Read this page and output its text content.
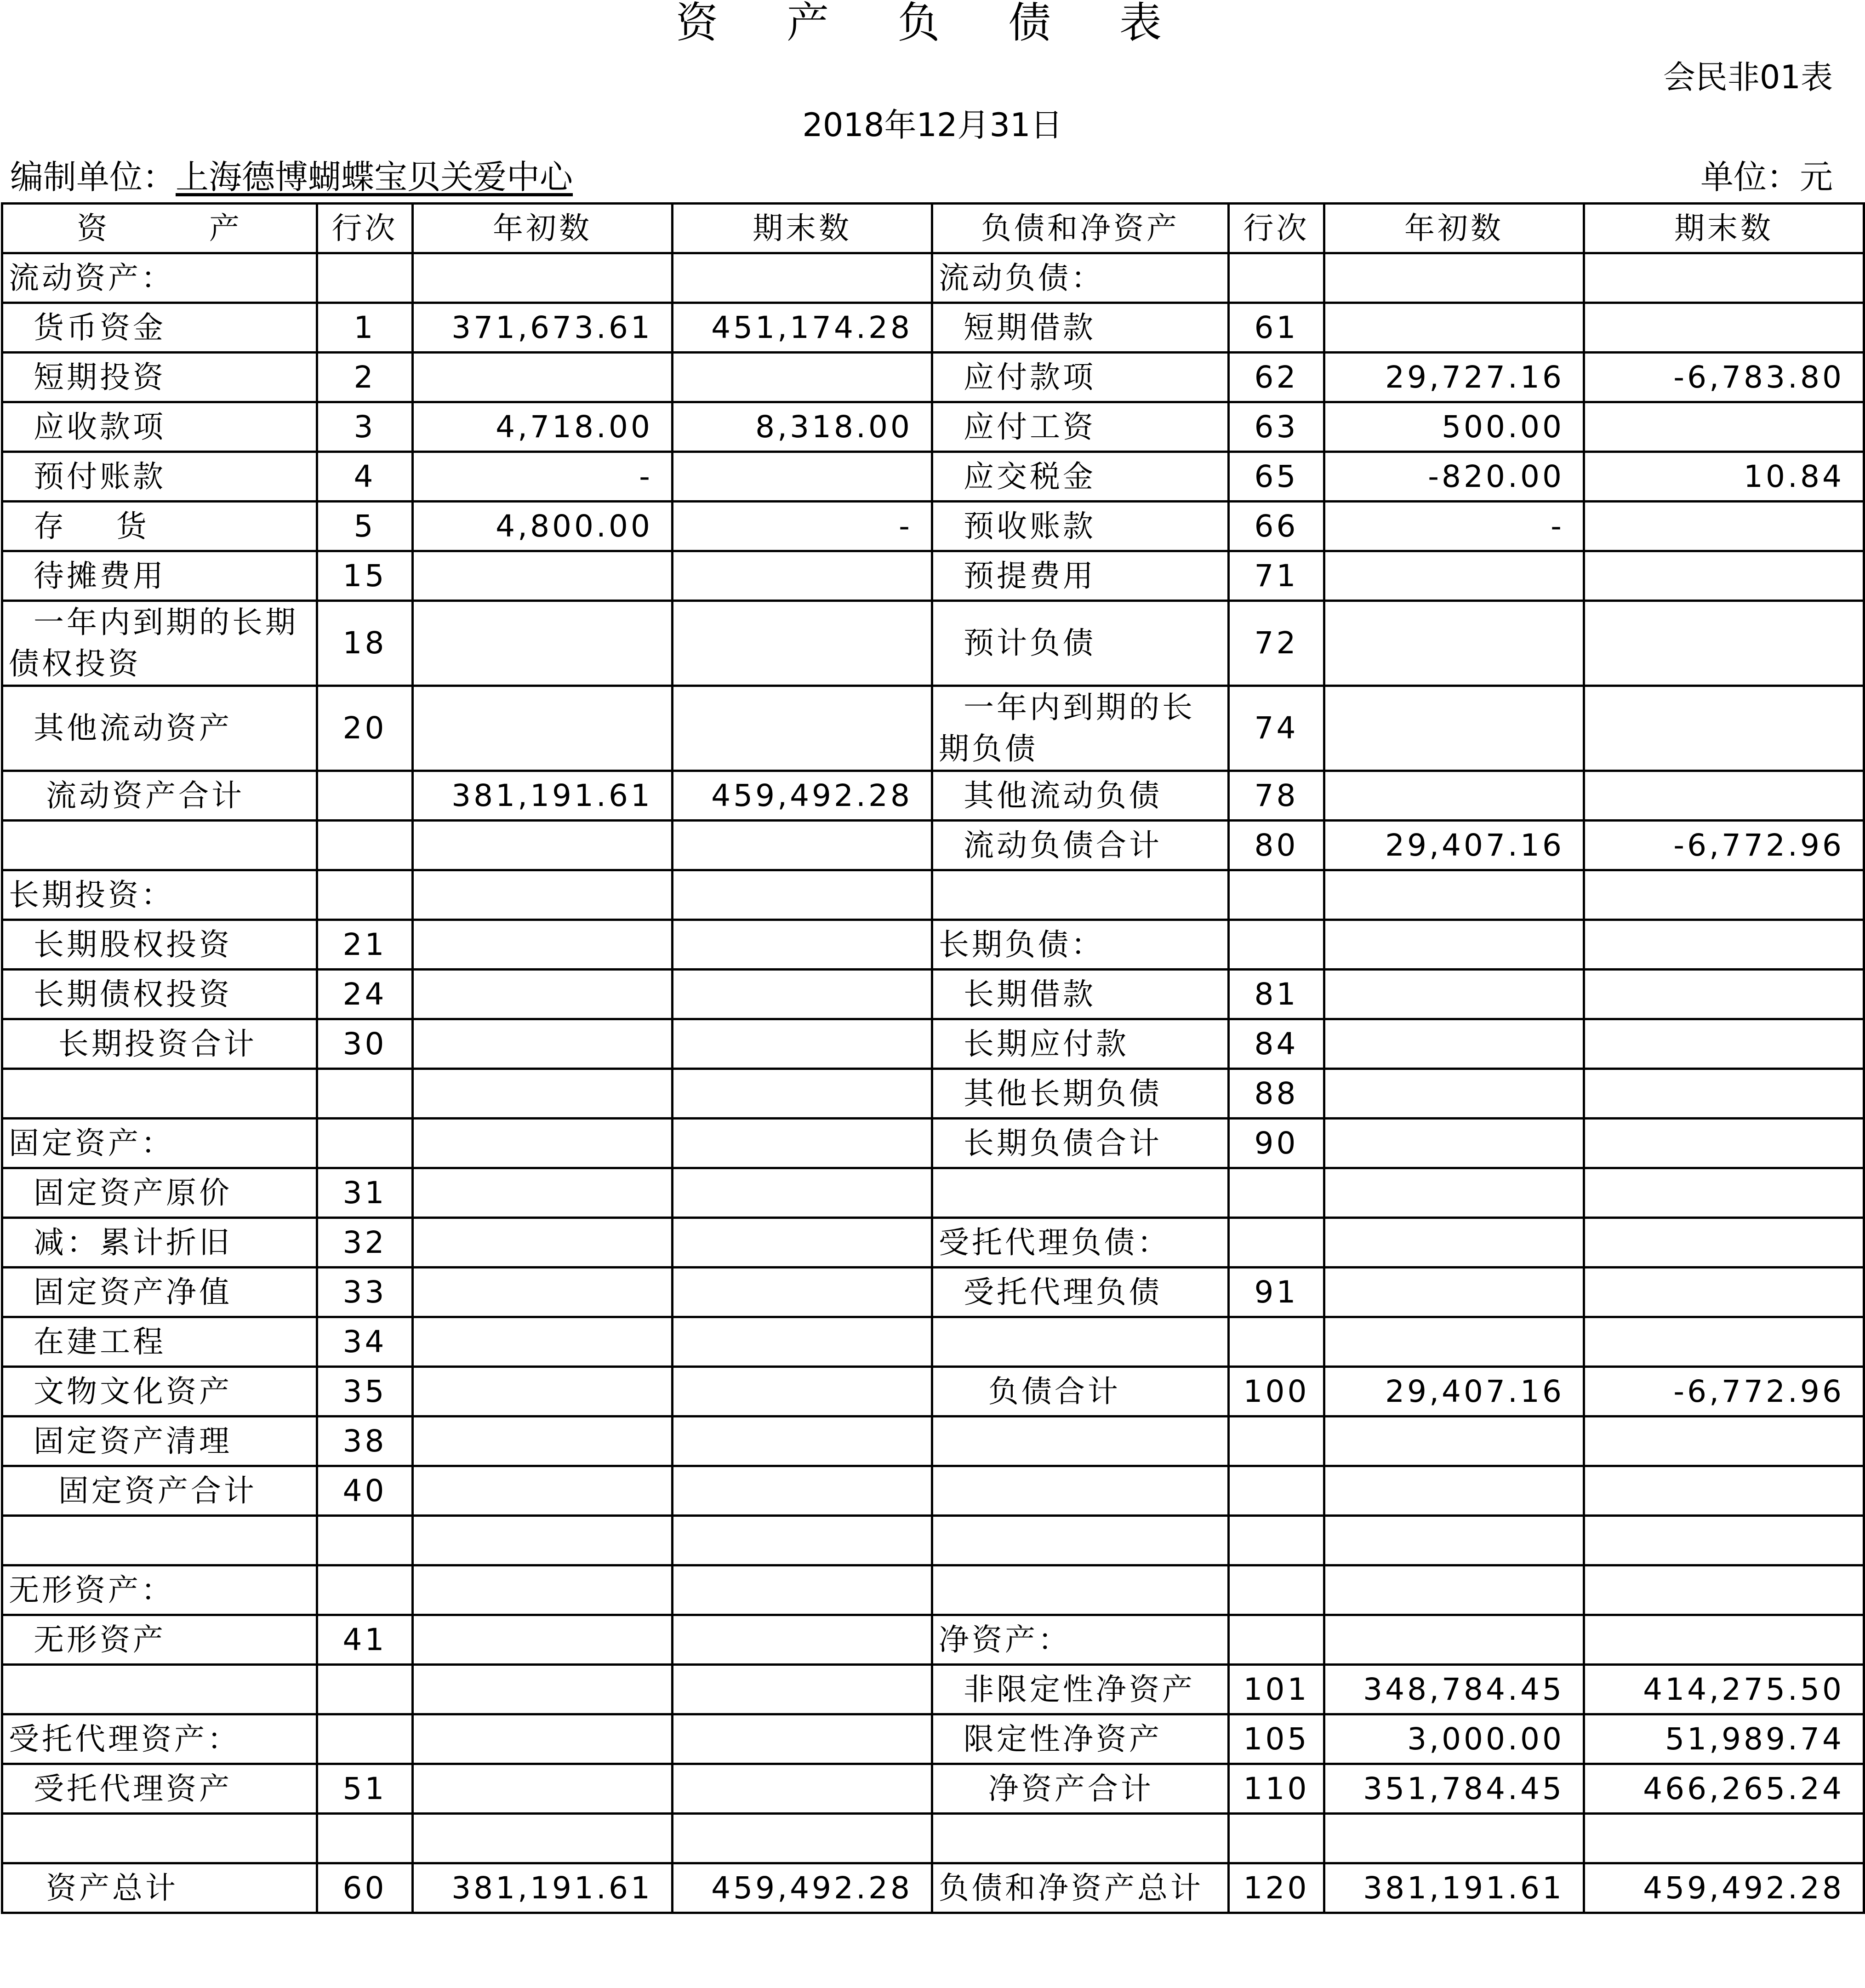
资 产 负 债 表
会民非01表
2018年12月31日
编制单位：上海德博蝴蝶宝贝关爱中心	单位：元
资        产	行次	年初数	期末数	负债和净资产	行次	年初数	期末数
流动资产：				流动负债：			
货币资金	1	371,673.61	451,174.28	短期借款	61		
短期投资	2			应付款项	62	29,727.16	-6,783.80
应收款项	3	4,718.00	8,318.00	应付工资	63	500.00	
预付账款	4	-		应交税金	65	-820.00	10.84
存    货	5	4,800.00	-	预收账款	66	-	
待摊费用	15			预提费用	71		
一年内到期的长期债权投资	18			预计负债	72		
其他流动资产	20			一年内到期的长期负债	74		
流动资产合计		381,191.61	459,492.28	其他流动负债	78		
				流动负债合计	80	29,407.16	-6,772.96
长期投资：							
长期股权投资	21			长期负债：			
长期债权投资	24			长期借款	81		
长期投资合计	30			长期应付款	84		
				其他长期负债	88		
固定资产：				长期负债合计	90		
固定资产原价	31						
减：累计折旧	32			受托代理负债：			
固定资产净值	33			受托代理负债	91		
在建工程	34						
文物文化资产	35			负债合计	100	29,407.16	-6,772.96
固定资产清理	38						
固定资产合计	40						

无形资产：							
无形资产	41			净资产：			
				非限定性净资产	101	348,784.45	414,275.50
受托代理资产：				限定性净资产	105	3,000.00	51,989.74
受托代理资产	51			净资产合计	110	351,784.45	466,265.24

资产总计	60	381,191.61	459,492.28	负债和净资产总计	120	381,191.61	459,492.28
